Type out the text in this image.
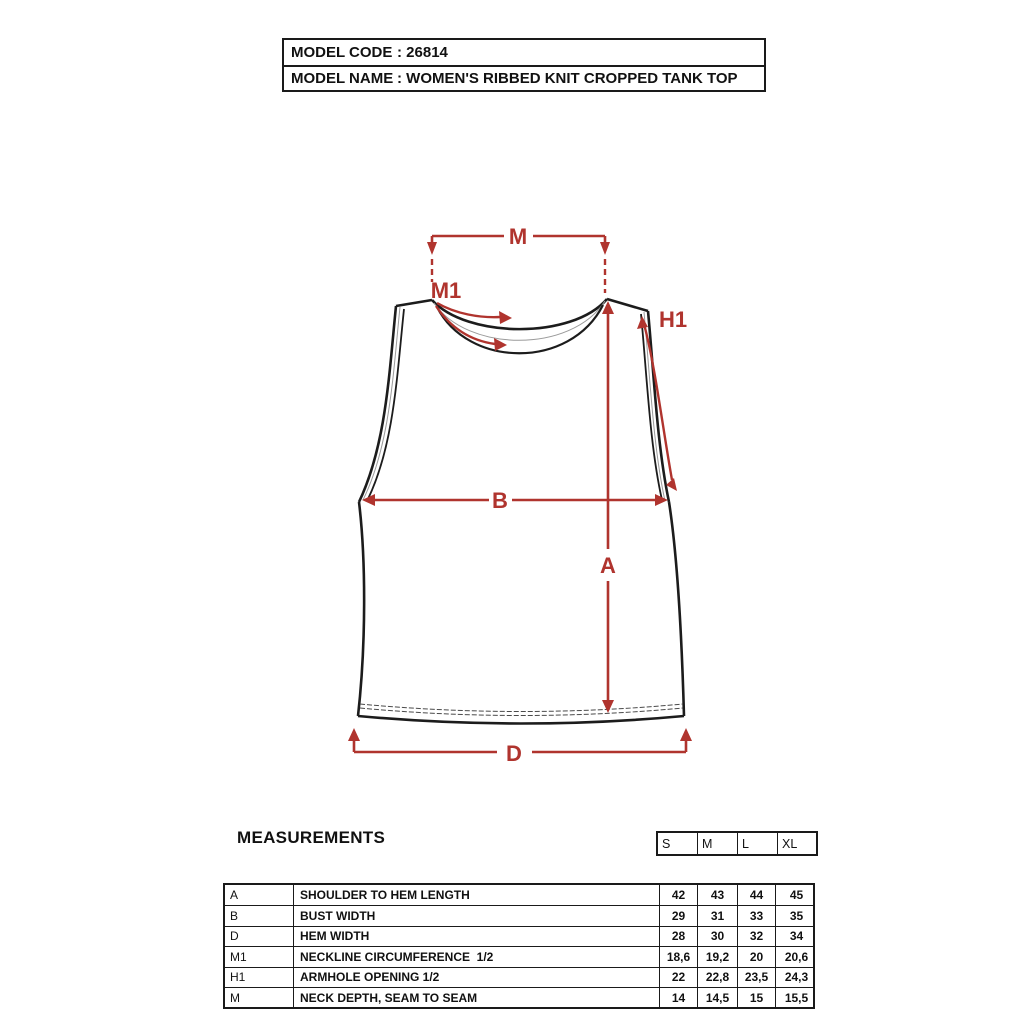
MODEL CODE : 26814
MODEL NAME : WOMEN'S RIBBED KNIT CROPPED TANK TOP
M
M1
H1
A
B
D
MEASUREMENTS	S	M	L	XL
A	SHOULDER TO HEM LENGTH	42	43	44	45
B	BUST WIDTH	29	31	33	35
D	HEM WIDTH	28	30	32	34
M1	NECKLINE CIRCUMFERENCE  1/2	18,6	19,2	20	20,6
H1	ARMHOLE OPENING 1/2	22	22,8	23,5	24,3
M	NECK DEPTH, SEAM TO SEAM	14	14,5	15	15,5
